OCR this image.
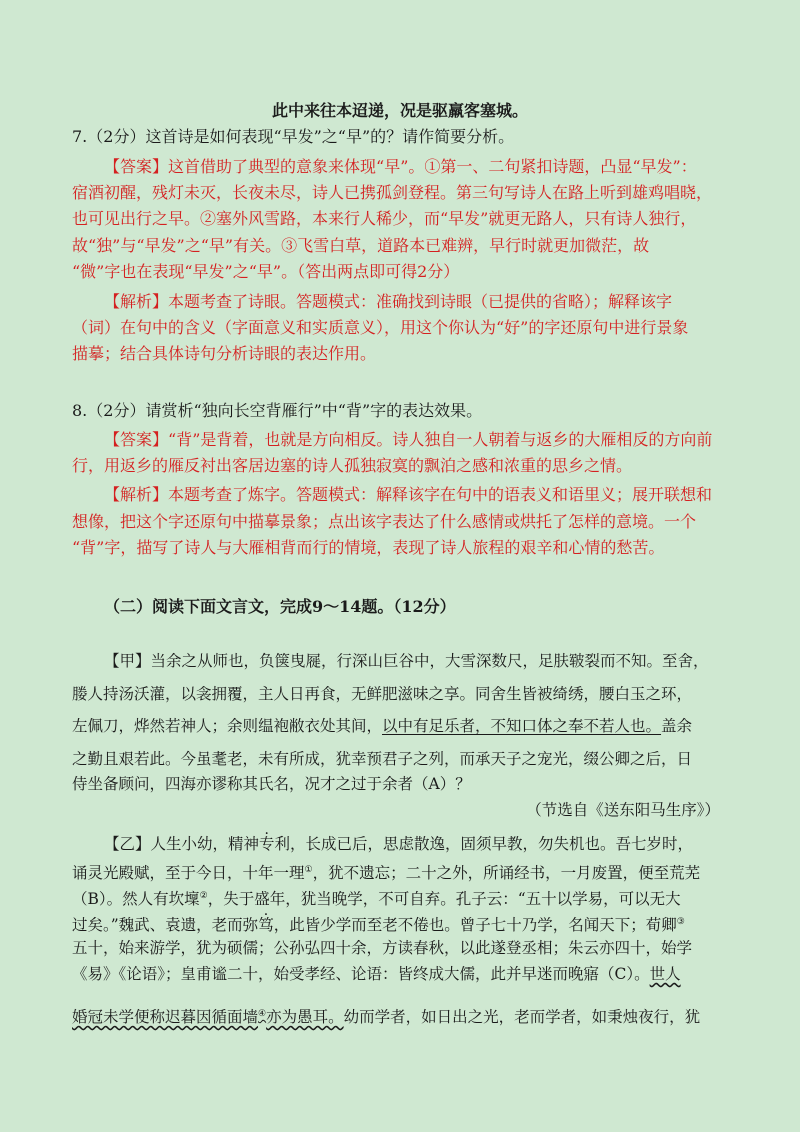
此中来往本迢递，况是驱羸客塞城。
7.（2分）这首诗是如何表现“早发”之“早”的？请作简要分析。
【答案】这首借助了典型的意象来体现“早”。①第一、二句紧扣诗题，凸显“早发”：
宿酒初醒，残灯未灭，长夜未尽，诗人已携孤剑登程。第三句写诗人在路上听到雄鸡唱晓，
也可见出行之早。②塞外风雪路，本来行人稀少，而“早发”就更无路人，只有诗人独行，
故“独”与“早发”之“早”有关。③飞雪白草，道路本已难辨，早行时就更加微茫，故
“微”字也在表现“早发”之“早”。（答出两点即可得2分）
【解析】本题考查了诗眼。答题模式：准确找到诗眼（已提供的省略）；解释该字
（词）在句中的含义（字面意义和实质意义），用这个你认为“好”的字还原句中进行景象
描摹；结合具体诗句分析诗眼的表达作用。
8.（2分）请赏析“独向长空背雁行”中“背”字的表达效果。
【答案】“背”是背着，也就是方向相反。诗人独自一人朝着与返乡的大雁相反的方向前
行，用返乡的雁反衬出客居边塞的诗人孤独寂寞的飘泊之感和浓重的思乡之情。
【解析】本题考查了炼字。答题模式：解释该字在句中的语表义和语里义；展开联想和
想像，把这个字还原句中描摹景象；点出该字表达了什么感情或烘托了怎样的意境。一个
“背”字，描写了诗人与大雁相背而行的情境，表现了诗人旅程的艰辛和心情的愁苦。
（二）阅读下面文言文，完成9～14题。（12分）
【甲】当余之从师也，负箧曳屣，行深山巨谷中，大雪深数尺，足肤皲裂而不知。至舍，
媵人持汤沃灌，以衾拥覆，主人日再食，无鲜肥滋味之享。同舍生皆被绮绣，腰白玉之环，
左佩刀，烨然若神人；余则缊袍敝衣处其间，以中有足乐者，不知口体之奉不若人也。盖余
之勤且艰若此。今虽耄老，未有所成，犹幸预君子之列，而承天子之宠光，缀公卿之后，日
侍坐备顾问，四海亦谬称其氏名，况才之过于余者（A）？
（节选自《送东阳马生序》）
【乙】人生小幼，精神专利，长成已后，思虑散逸，固须早教，勿失机也。吾七岁时，
诵灵光殿赋，至于今日，十年一理①，犹不遗忘；二十之外，所诵经书，一月废置，便至荒芜
（B）。然人有坎壈②，失于盛年，犹当晚学，不可自弃。孔子云：“五十以学易，可以无大
过矣。”魏武、袁遗，老而弥笃，此皆少学而至老不倦也。曾子七十乃学，名闻天下；荀卿③
五十，始来游学，犹为硕儒；公孙弘四十余，方读春秋，以此遂登丞相；朱云亦四十，始学
《易》《论语》；皇甫谧二十，始受孝经、论语：皆终成大儒，此并早迷而晚寤（C）。世人
婚冠未学便称迟暮因循面墙④亦为愚耳。幼而学者，如日出之光，老而学者，如秉烛夜行，犹
